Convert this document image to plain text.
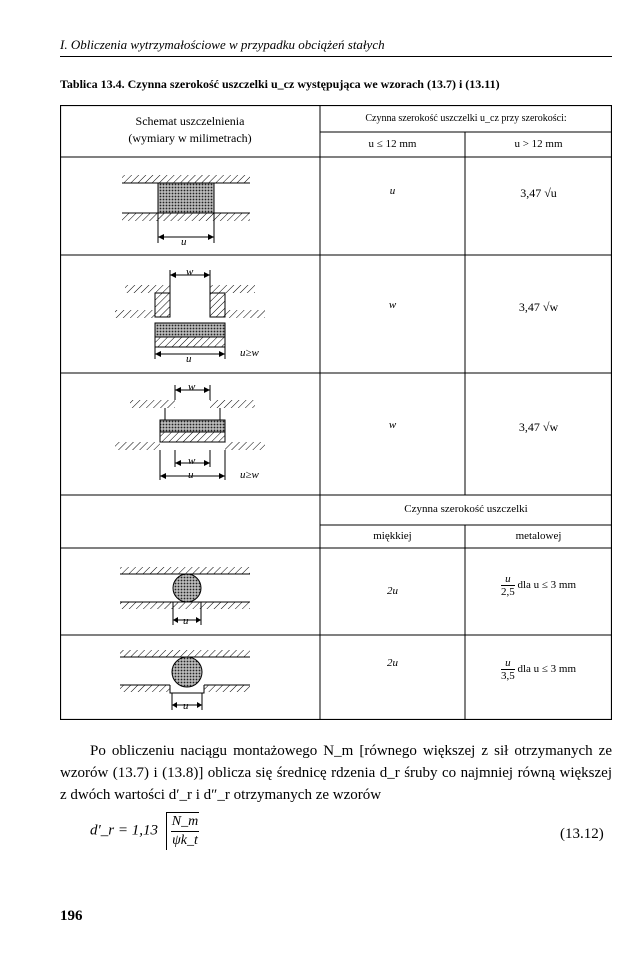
I. Obliczenia wytrzymałościowe w przypadku obciążeń stałych
Tablica 13.4. Czynna szerokość uszczelki u_cz występująca we wzorach (13.7) i (13.11)
u
w
u	u≥w
w
w
u	u≥w
u
u
Schemat uszczelnienia
(wymiary w milimetrach)
Czynna szerokość uszczelki u_cz przy szerokości:
u ≤ 12 mm	u > 12 mm
u	3,47 √u
w	3,47 √w
w	3,47 √w
Czynna szerokość uszczelki
miękkiej	metalowej
2u	$\frac{u}{2,5}$ dla u ≤ 3 mm
2u	$\frac{u}{3,5}$ dla u ≤ 3 mm
Po obliczeniu naciągu montażowego N_m [równego większej z sił otrzymanych ze wzorów (13.7) i (13.8)] oblicza się średnicę rdzenia d_r śruby co najmniej równą większej z dwóch wartości d′_r i d″_r otrzymanych ze wzorów
d′_r = $1,13 \frac{N\_m}{\psi k\_t}$	(13.12)
196
